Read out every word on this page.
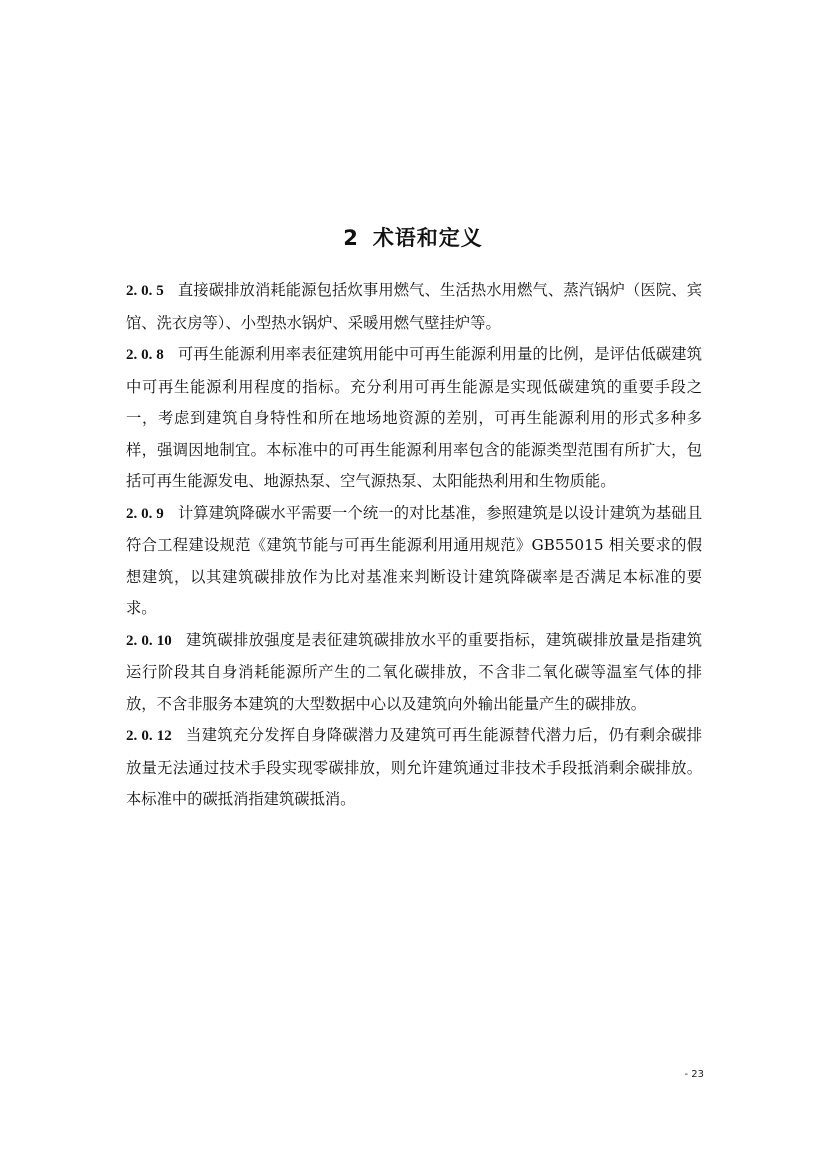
2 术语和定义

2. 0. 5 直接碳排放消耗能源包括炊事用燃气、生活热水用燃气、蒸汽锅炉（医院、宾馆、洗衣房等）、小型热水锅炉、采暖用燃气壁挂炉等。

2. 0. 8 可再生能源利用率表征建筑用能中可再生能源利用量的比例，是评估低碳建筑中可再生能源利用程度的指标。充分利用可再生能源是实现低碳建筑的重要手段之一，考虑到建筑自身特性和所在地场地资源的差别，可再生能源利用的形式多种多样，强调因地制宜。本标准中的可再生能源利用率包含的能源类型范围有所扩大，包括可再生能源发电、地源热泵、空气源热泵、太阳能热利用和生物质能。

2. 0. 9 计算建筑降碳水平需要一个统一的对比基准，参照建筑是以设计建筑为基础且符合工程建设规范《建筑节能与可再生能源利用通用规范》GB55015 相关要求的假想建筑，以其建筑碳排放作为比对基准来判断设计建筑降碳率是否满足本标准的要求。

2. 0. 10 建筑碳排放强度是表征建筑碳排放水平的重要指标，建筑碳排放量是指建筑运行阶段其自身消耗能源所产生的二氧化碳排放，不含非二氧化碳等温室气体的排放，不含非服务本建筑的大型数据中心以及建筑向外输出能量产生的碳排放。

2. 0. 12 当建筑充分发挥自身降碳潜力及建筑可再生能源替代潜力后，仍有剩余碳排放量无法通过技术手段实现零碳排放，则允许建筑通过非技术手段抵消剩余碳排放。本标准中的碳抵消指建筑碳抵消。

- 23
